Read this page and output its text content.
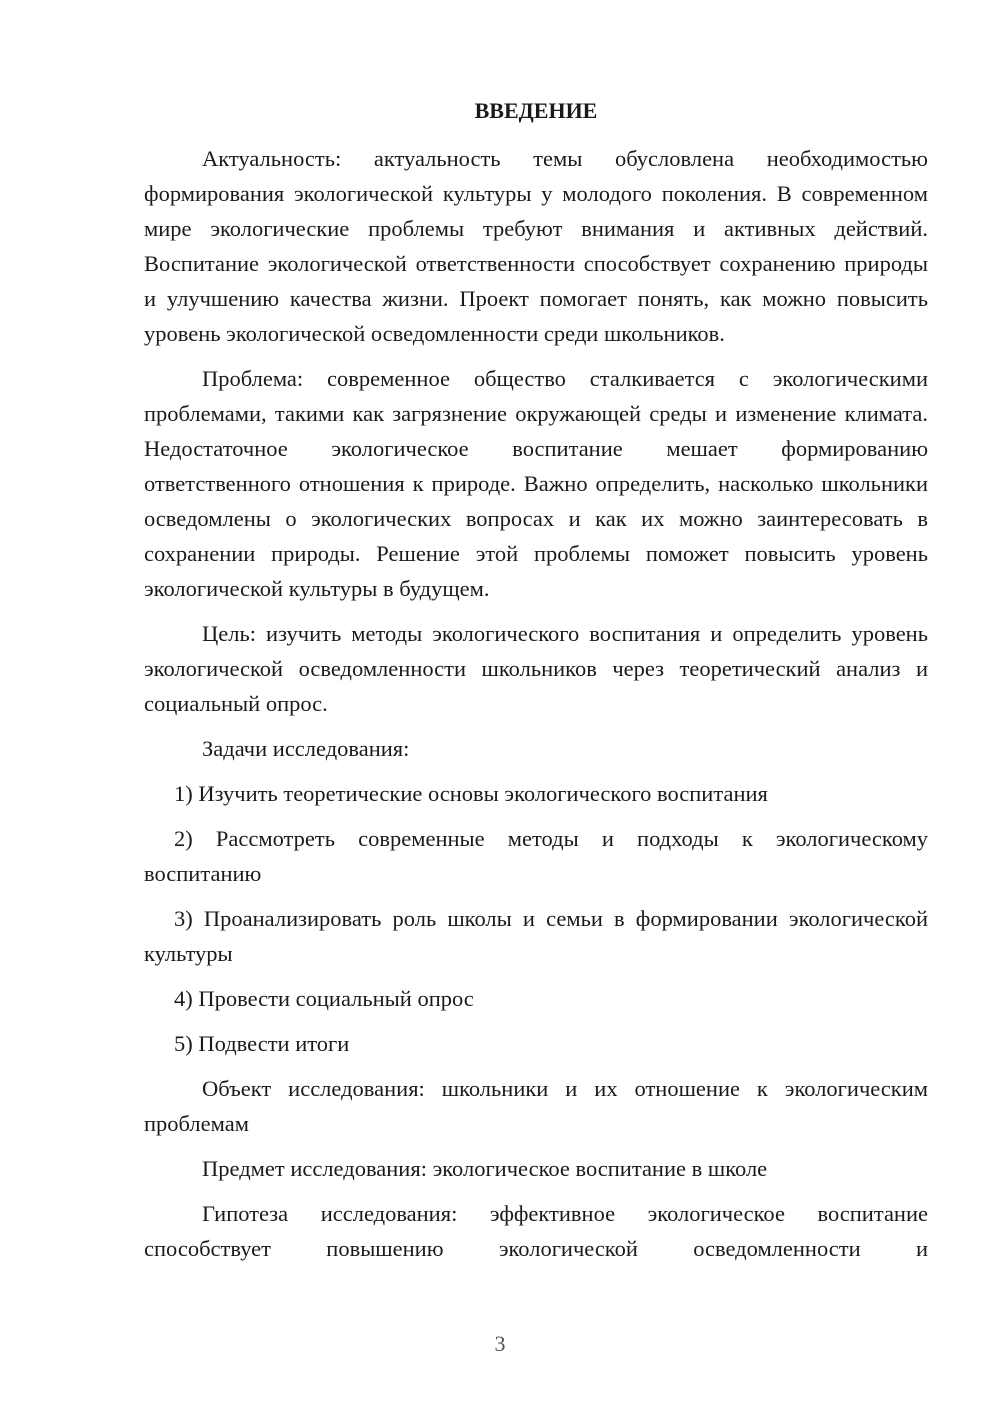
ВВЕДЕНИЕ

Актуальность: актуальность темы обусловлена необходимостью формирования экологической культуры у молодого поколения. В современном мире экологические проблемы требуют внимания и активных действий. Воспитание экологической ответственности способствует сохранению природы и улучшению качества жизни. Проект помогает понять, как можно повысить уровень экологической осведомленности среди школьников.

Проблема: современное общество сталкивается с экологическими проблемами, такими как загрязнение окружающей среды и изменение климата. Недостаточное экологическое воспитание мешает формированию ответственного отношения к природе. Важно определить, насколько школьники осведомлены о экологических вопросах и как их можно заинтересовать в сохранении природы. Решение этой проблемы поможет повысить уровень экологической культуры в будущем.

Цель: изучить методы экологического воспитания и определить уровень экологической осведомленности школьников через теоретический анализ и социальный опрос.

Задачи исследования:

1) Изучить теоретические основы экологического воспитания

2) Рассмотреть современные методы и подходы к экологическому воспитанию

3) Проанализировать роль школы и семьи в формировании экологической культуры

4) Провести социальный опрос

5) Подвести итоги

Объект исследования: школьники и их отношение к экологическим проблемам

Предмет исследования: экологическое воспитание в школе

Гипотеза исследования: эффективное экологическое воспитание способствует повышению экологической осведомленности и

3
